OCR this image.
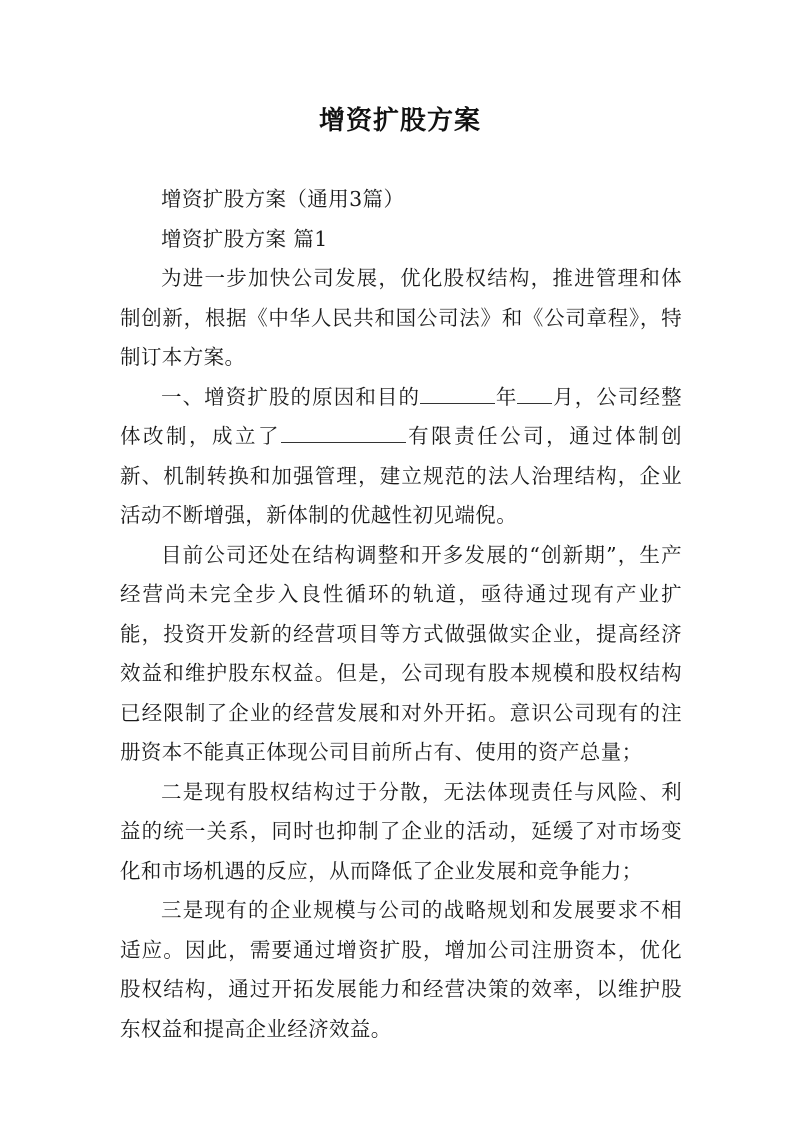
增资扩股方案

增资扩股方案（通用3篇）

增资扩股方案 篇1

为进一步加快公司发展，优化股权结构，推进管理和体制创新，根据《中华人民共和国公司法》和《公司章程》，特制订本方案。

一、增资扩股的原因和目的	年 月，公司经整体改制，成立了	有限责任公司，通过体制创新、机制转换和加强管理，建立规范的法人治理结构，企业活动不断增强，新体制的优越性初见端倪。

目前公司还处在结构调整和开多发展的“创新期”，生产经营尚未完全步入良性循环的轨道，亟待通过现有产业扩能，投资开发新的经营项目等方式做强做实企业，提高经济效益和维护股东权益。但是，公司现有股本规模和股权结构已经限制了企业的经营发展和对外开拓。意识公司现有的注册资本不能真正体现公司目前所占有、使用的资产总量；

二是现有股权结构过于分散，无法体现责任与风险、利益的统一关系，同时也抑制了企业的活动，延缓了对市场变化和市场机遇的反应，从而降低了企业发展和竞争能力；

三是现有的企业规模与公司的战略规划和发展要求不相适应。因此，需要通过增资扩股，增加公司注册资本，优化股权结构，通过开拓发展能力和经营决策的效率，以维护股东权益和提高企业经济效益。
